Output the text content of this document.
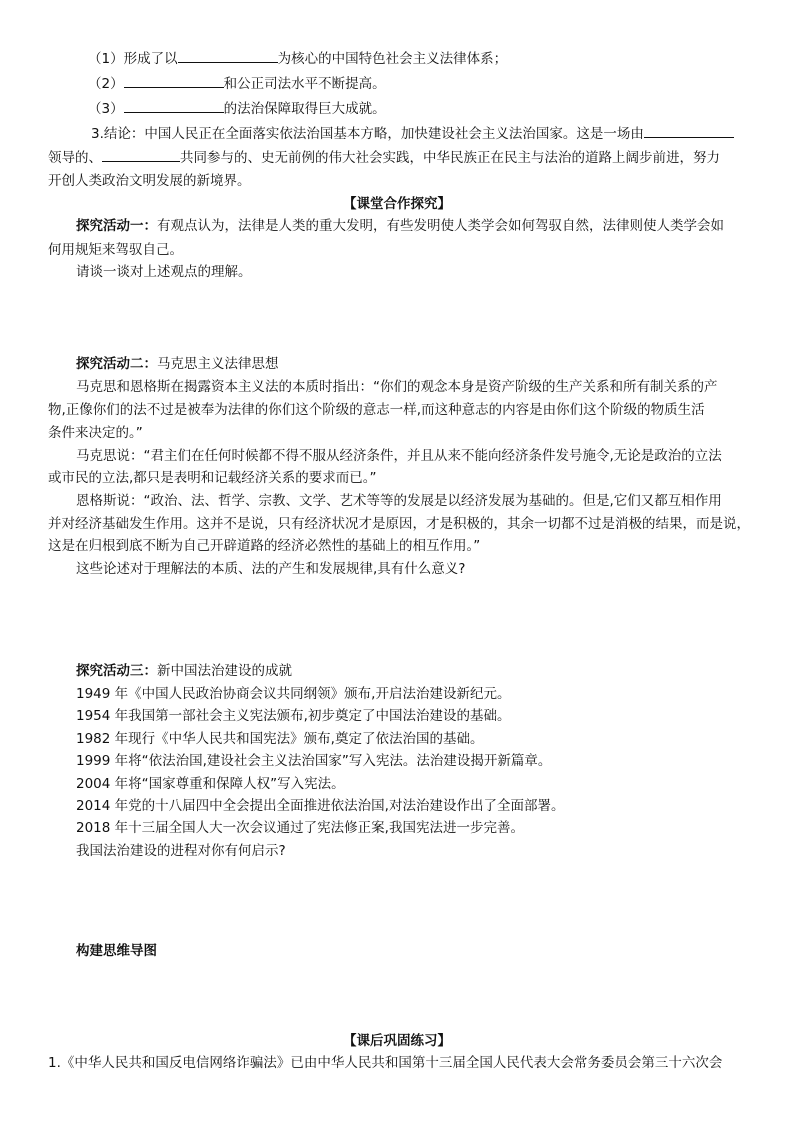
（1）形成了以	为核心的中国特色社会主义法律体系；
（2）	和公正司法水平不断提高。
（3）	的法治保障取得巨大成就。
3.结论：中国人民正在全面落实依法治国基本方略，加快建设社会主义法治国家。这是一场由
领导的、	共同参与的、史无前例的伟大社会实践，中华民族正在民主与法治的道路上阔步前进，努力
开创人类政治文明发展的新境界。
【课堂合作探究】
探究活动一：有观点认为，法律是人类的重大发明，有些发明使人类学会如何驾驭自然，法律则使人类学会如
何用规矩来驾驭自己。
请谈一谈对上述观点的理解。
探究活动二：马克思主义法律思想
马克思和恩格斯在揭露资本主义法的本质时指出：“你们的观念本身是资产阶级的生产关系和所有制关系的产
物,正像你们的法不过是被奉为法律的你们这个阶级的意志一样,而这种意志的内容是由你们这个阶级的物质生活
条件来决定的。”
马克思说：“君主们在任何时候都不得不服从经济条件，并且从来不能向经济条件发号施令,无论是政治的立法
或市民的立法,都只是表明和记载经济关系的要求而已。”
恩格斯说：“政治、法、哲学、宗教、文学、艺术等等的发展是以经济发展为基础的。但是,它们又都互相作用
并对经济基础发生作用。这并不是说，只有经济状况才是原因，才是积极的，其余一切都不过是消极的结果，而是说，
这是在归根到底不断为自己开辟道路的经济必然性的基础上的相互作用。”
这些论述对于理解法的本质、法的产生和发展规律,具有什么意义?
探究活动三：新中国法治建设的成就
1949 年《中国人民政治协商会议共同纲领》颁布,开启法治建设新纪元。
1954 年我国第一部社会主义宪法颁布,初步奠定了中国法治建设的基础。
1982 年现行《中华人民共和国宪法》颁布,奠定了依法治国的基础。
1999 年将“依法治国,建设社会主义法治国家”写入宪法。法治建设揭开新篇章。
2004 年将“国家尊重和保障人权”写入宪法。
2014 年党的十八届四中全会提出全面推进依法治国,对法治建设作出了全面部署。
2018 年十三届全国人大一次会议通过了宪法修正案,我国宪法进一步完善。
我国法治建设的进程对你有何启示?
构建思维导图
【课后巩固练习】
1.《中华人民共和国反电信网络诈骗法》已由中华人民共和国第十三届全国人民代表大会常务委员会第三十六次会
